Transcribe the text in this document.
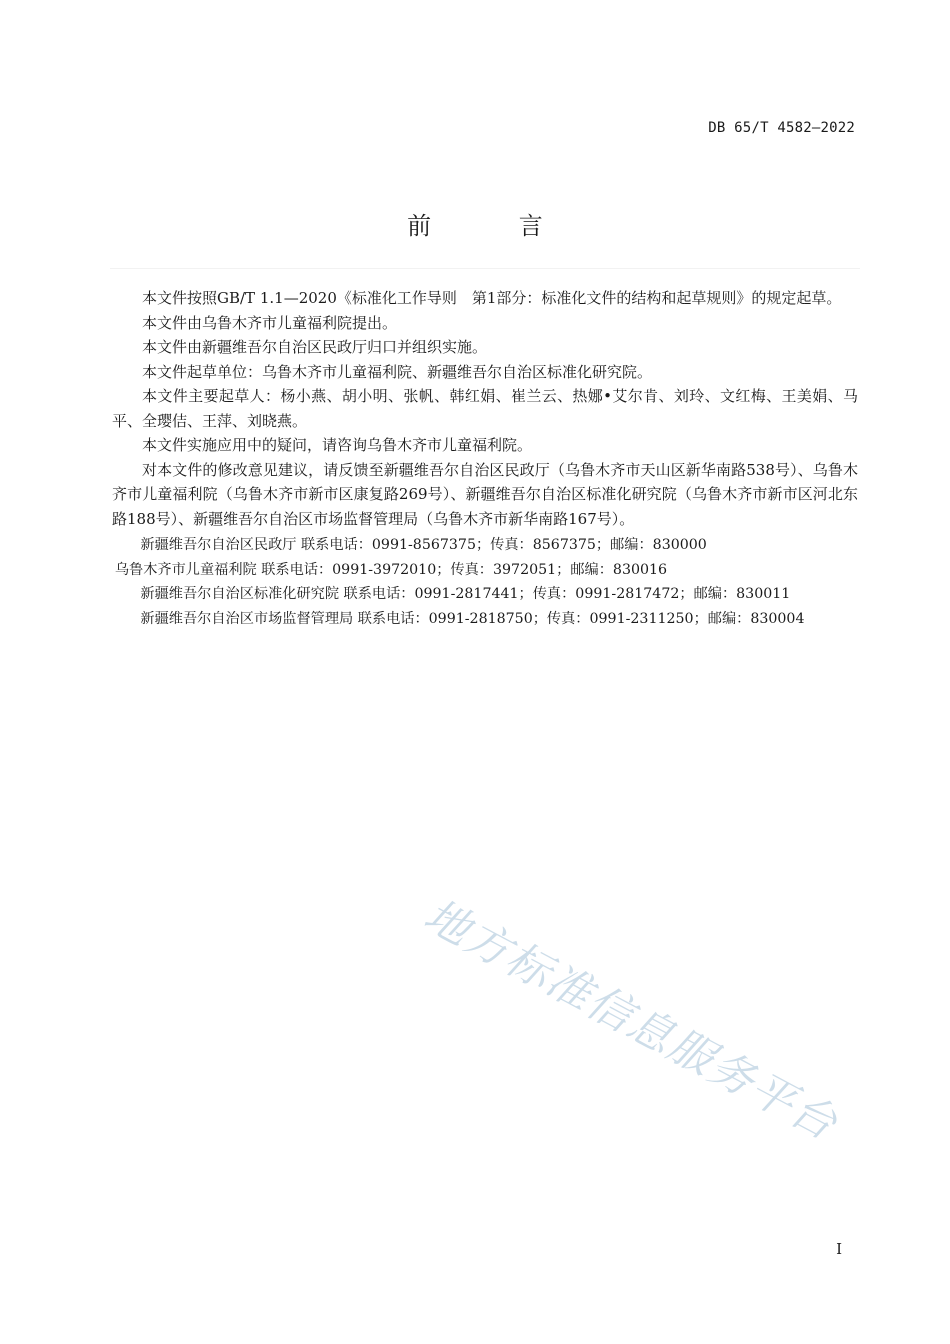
DB 65/T 4582—2022
前 言

本文件按照GB/T 1.1—2020《标准化工作导则　第1部分：标准化文件的结构和起草规则》的规定起草。

本文件由乌鲁木齐市儿童福利院提出。

本文件由新疆维吾尔自治区民政厅归口并组织实施。

本文件起草单位：乌鲁木齐市儿童福利院、新疆维吾尔自治区标准化研究院。

本文件主要起草人：杨小燕、胡小明、张帆、韩红娟、崔兰云、热娜•艾尔肯、刘玲、文红梅、王美娟、马平、全璎佶、王萍、刘晓燕。

本文件实施应用中的疑问，请咨询乌鲁木齐市儿童福利院。

对本文件的修改意见建议，请反馈至新疆维吾尔自治区民政厅（乌鲁木齐市天山区新华南路538号）、乌鲁木齐市儿童福利院（乌鲁木齐市新市区康复路269号）、新疆维吾尔自治区标准化研究院（乌鲁木齐市新市区河北东路188号）、新疆维吾尔自治区市场监督管理局（乌鲁木齐市新华南路167号）。

新疆维吾尔自治区民政厅 联系电话：0991-8567375；传真：8567375；邮编：830000

乌鲁木齐市儿童福利院 联系电话：0991-3972010；传真：3972051；邮编：830016

新疆维吾尔自治区标准化研究院 联系电话：0991-2817441；传真：0991-2817472；邮编：830011

新疆维吾尔自治区市场监督管理局 联系电话：0991-2818750；传真：0991-2311250；邮编：830004

地方标准信息服务平台
I
